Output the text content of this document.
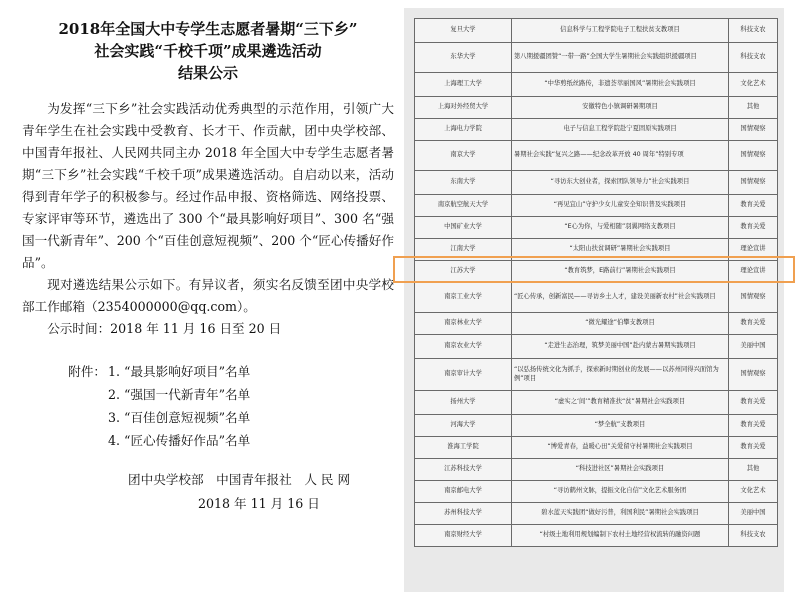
2018年全国大中专学生志愿者暑期“三下乡”

社会实践“千校千项”成果遴选活动

结果公示

为发挥“三下乡”社会实践活动优秀典型的示范作用，引领广大青年学生在社会实践中受教育、长才干、作贡献，团中央学校部、中国青年报社、人民网共同主办 2018 年全国大中专学生志愿者暑期“三下乡”社会实践“千校千项”成果遴选活动。自启动以来，活动得到青年学子的积极参与。经过作品申报、资格筛选、网络投票、专家评审等环节，遴选出了 300 个“最具影响好项目”、300 名“强国一代新青年”、200 个“百佳创意短视频”、200 个“匠心传播好作品”。

现对遴选结果公示如下。有异议者，须实名反馈至团中央学校部工作邮箱（2354000000@qq.com）。

公示时间：2018 年 11 月 16 日至 20 日

附件： 1. “最具影响好项目”名单
2. “强国一代新青年”名单
3. “百佳创意短视频”名单
4. “匠心传播好作品”名单
团中央学校部　中国青年报社　人 民 网
2018 年 11 月 16 日
复旦大学	信息科学与工程学院电子工程扶贫支教项目	科技支农
东华大学	第八期援疆团赞“一带一路”全国大学生暑期社会实践组织援疆项目	科技支农
上海理工大学	“中华剪纸丝路传，非遗荟萃丽国风”暑期社会实践项目	文化艺术
上海对外经贸大学	安徽特色小镇调研暑期项目	其他
上海电力学院	电子与信息工程学院赴宁夏固原实践项目	国情观察
南京大学	暑期社会实践“复兴之路——纪念改革开放 40 周年”特别专项	国情观察
东南大学	“寻访东大创业者，探索团队领导力”社会实践项目	国情观察
南京航空航天大学	“再见宜山”守护少女儿童安全知识普及实践项目	教育关爱
中国矿业大学	“E心为你，与爱相随”羽翼网络支教项目	教育关爱
江南大学	“太阳山扶贫调研”暑期社会实践项目	理论宣讲
江苏大学	“教育筑梦，E路前行”暑期社会实践项目	理论宣讲
南京工业大学	“匠心传承，创新富民——寻访乡土人才，建设美丽新农村”社会实践项目	国情观察
南京林业大学	“微光耀途”伯攀支教项目	教育关爱
南京农业大学	“走进生态治理，筑梦美丽中国”赴内蒙古暑期实践项目	美丽中国
南京审计大学	“以弘扬传统文化为抓手，探索新时期创业的发展——以苏州同得兴面馆为例”项目	国情观察
扬州大学	“虚实之‘间’”教育精准扶“贫”暑期社会实践项目	教育关爱
河海大学	“梦全航”支教项目	教育关爱
淮海工学院	“博爱青春，益暖心田”关爱留守村暑期社会实践项目	教育关爱
江苏科技大学	“科技进社区”暑期社会实践项目	其他
南京邮电大学	“寻访鹤州文脉，提振文化自信”文化艺术服务团	文化艺术
苏州科技大学	碧水蓝天实践团“做好污普，利国利民”暑期社会实践项目	美丽中国
南京财经大学	“村级土地利用规划编制下农村土地经营权流转的融资问题	科技支农
